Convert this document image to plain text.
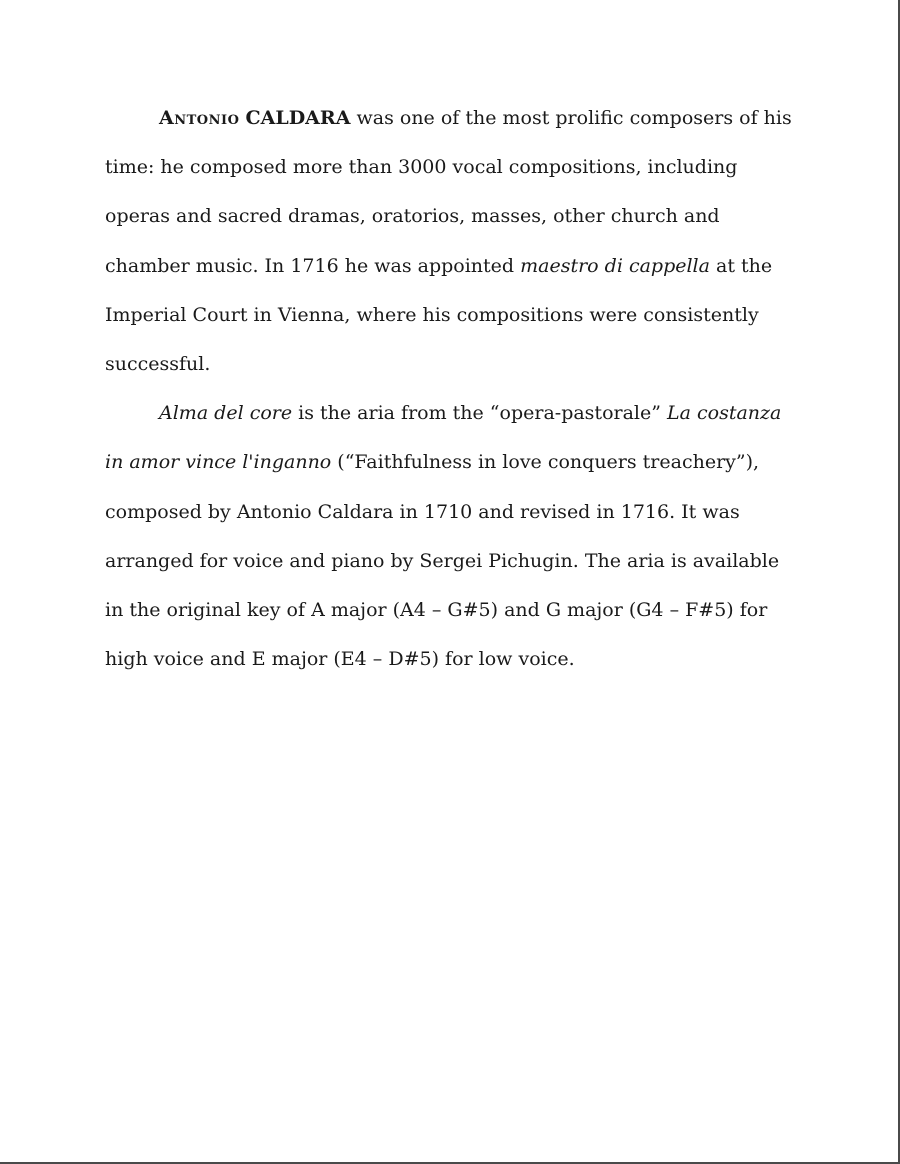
Antonio CALDARA was one of the most prolific composers of his time: he composed more than 3000 vocal compositions, including operas and sacred dramas, oratorios, masses, other church and chamber music. In 1716 he was appointed maestro di cappella at the Imperial Court in Vienna, where his compositions were consistently successful.

Alma del core is the aria from the “opera-pastorale” La costanza in amor vince l'inganno (“Faithfulness in love conquers treachery”), composed by Antonio Caldara in 1710 and revised in 1716. It was arranged for voice and piano by Sergei Pichugin. The aria is available in the original key of A major (A4 – G#5) and G major (G4 – F#5) for high voice and E major (E4 – D#5) for low voice.
